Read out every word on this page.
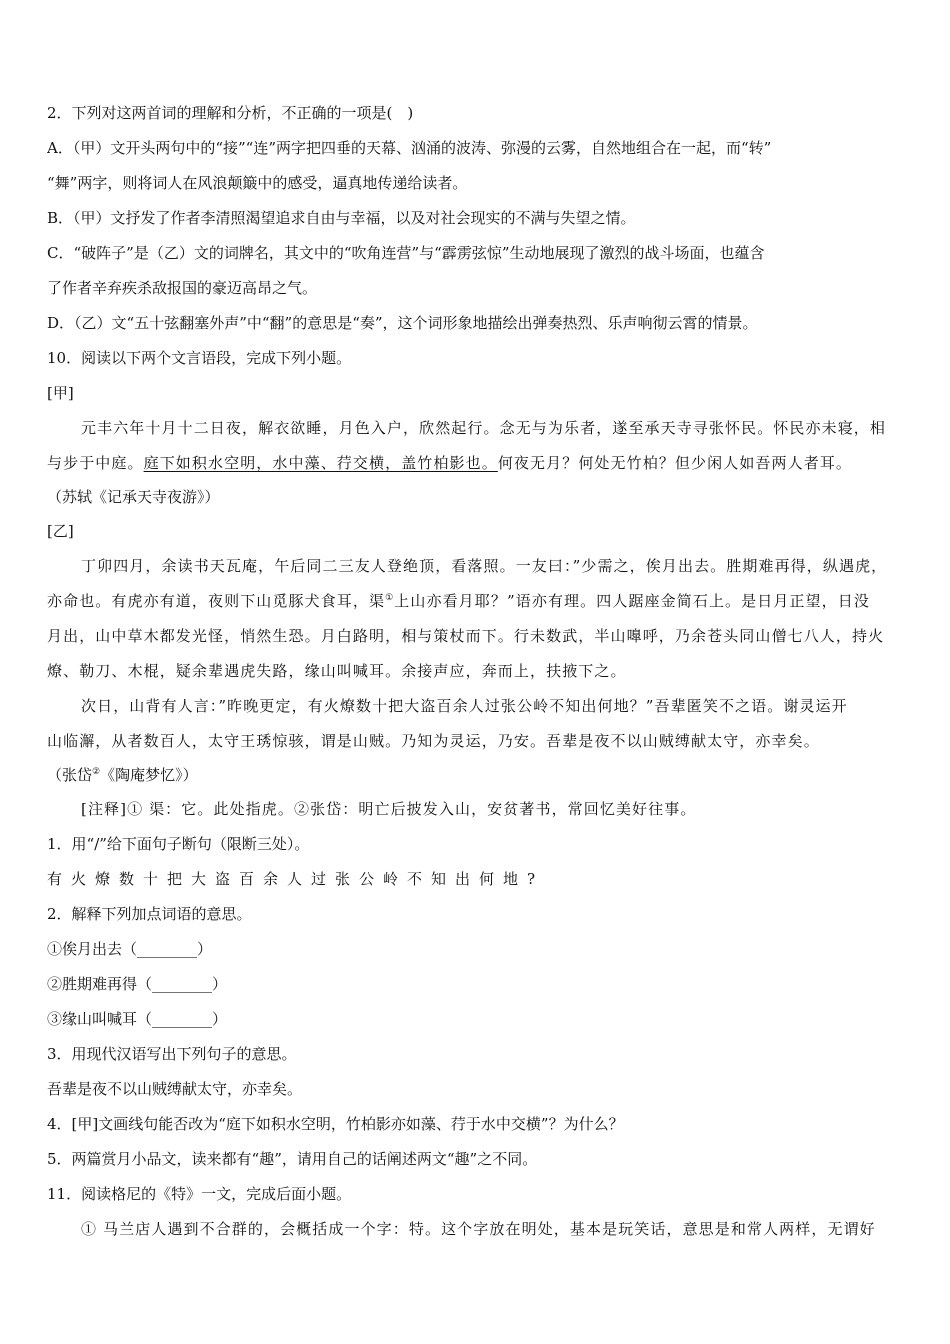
2．下列对这两首词的理解和分析，不正确的一项是(　)
A．（甲）文开头两句中的“接”“连”两字把四垂的天幕、汹涌的波涛、弥漫的云雾，自然地组合在一起，而“转”
“舞”两字，则将词人在风浪颠簸中的感受，逼真地传递给读者。
B．（甲）文抒发了作者李清照渴望追求自由与幸福，以及对社会现实的不满与失望之情。
C．“破阵子”是（乙）文的词牌名，其文中的“吹角连营”与“霹雳弦惊”生动地展现了激烈的战斗场面，也蕴含
了作者辛弃疾杀敌报国的豪迈高昂之气。
D．（乙）文“五十弦翻塞外声”中“翻”的意思是“奏”，这个词形象地描绘出弹奏热烈、乐声响彻云霄的情景。
10．阅读以下两个文言语段，完成下列小题。
[甲]
元丰六年十月十二日夜，解衣欲睡，月色入户，欣然起行。念无与为乐者，遂至承天寺寻张怀民。怀民亦未寝，相
与步于中庭。庭下如积水空明，水中藻、荇交横，盖竹柏影也。何夜无月？何处无竹柏？但少闲人如吾两人者耳。
（苏轼《记承天寺夜游》）
[乙]
丁卯四月，余读书天瓦庵，午后同二三友人登绝顶，看落照。一友曰：”少需之，俟月出去。胜期难再得，纵遇虎，
亦命也。有虎亦有道，夜则下山觅豚犬食耳，渠①上山亦看月耶？”语亦有理。四人踞座金简石上。是日月正望，日没
月出，山中草木都发光怪，悄然生恐。月白路明，相与策杖而下。行未数武，半山嘷呼，乃余苍头同山僧七八人，持火
燎、勒刀、木棍，疑余辈遇虎失路，缘山叫喊耳。余接声应，奔而上，扶掖下之。
次日，山背有人言：”昨晚更定，有火燎数十把大盗百余人过张公岭不知出何地？”吾辈匿笑不之语。谢灵运开
山临澥，从者数百人，太守王琇惊骇，谓是山贼。乃知为灵运，乃安。吾辈是夜不以山贼缚献太守，亦幸矣。
（张岱②《陶庵梦忆》）
[注释]① 渠：它。此处指虎。②张岱：明亡后披发入山，安贫著书，常回忆美好往事。
1．用“/”给下面句子断句（限断三处）。
有火燎数十把大盗百余人过张公岭不知出何地?
2．解释下列加点词语的意思。
①俟月出去（________）
②胜期难再得（________）
③缘山叫喊耳（________）
3．用现代汉语写出下列句子的意思。
吾辈是夜不以山贼缚献太守，亦幸矣。
4．[甲]文画线句能否改为“庭下如积水空明，竹柏影亦如藻、荇于水中交横”？为什么？
5．两篇赏月小品文，读来都有“趣”，请用自己的话阐述两文“趣”之不同。
11．阅读格尼的《特》一文，完成后面小题。
① 马兰店人遇到不合群的，会概括成一个字：特。这个字放在明处，基本是玩笑话，意思是和常人两样，无谓好
